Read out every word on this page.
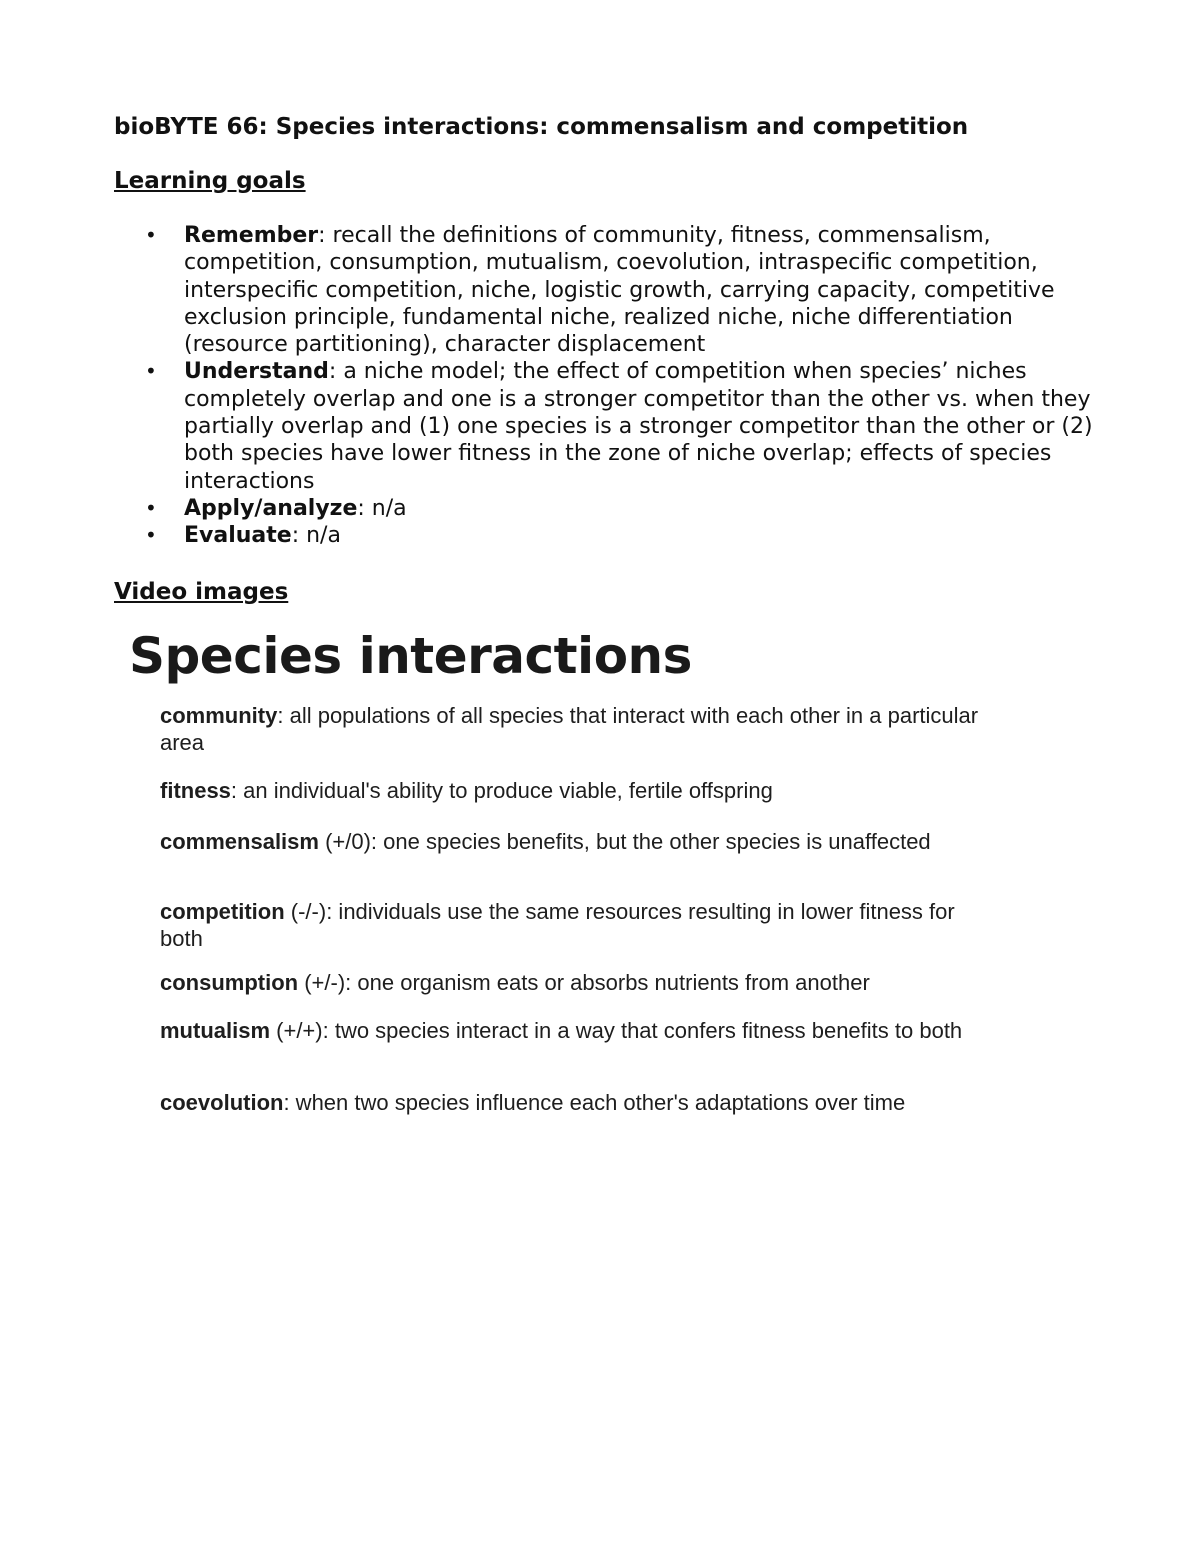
bioBYTE 66: Species interactions: commensalism and competition
Learning goals
• Remember: recall the definitions of community, fitness, commensalism, competition, consumption, mutualism, coevolution, intraspecific competition, interspecific competition, niche, logistic growth, carrying capacity, competitive exclusion principle, fundamental niche, realized niche, niche differentiation (resource partitioning), character displacement
• Understand: a niche model; the effect of competition when species’ niches completely overlap and one is a stronger competitor than the other vs. when they partially overlap and (1) one species is a stronger competitor than the other or (2) both species have lower fitness in the zone of niche overlap; effects of species interactions
• Apply/analyze: n/a
• Evaluate: n/a
Video images
Species interactions

community: all populations of all species that interact with each other in a particular area

fitness: an individual's ability to produce viable, fertile offspring

commensalism (+/0): one species benefits, but the other species is unaffected

competition (-/-): individuals use the same resources resulting in lower fitness for both

consumption (+/-): one organism eats or absorbs nutrients from another

mutualism (+/+): two species interact in a way that confers fitness benefits to both

coevolution: when two species influence each other's adaptations over time
